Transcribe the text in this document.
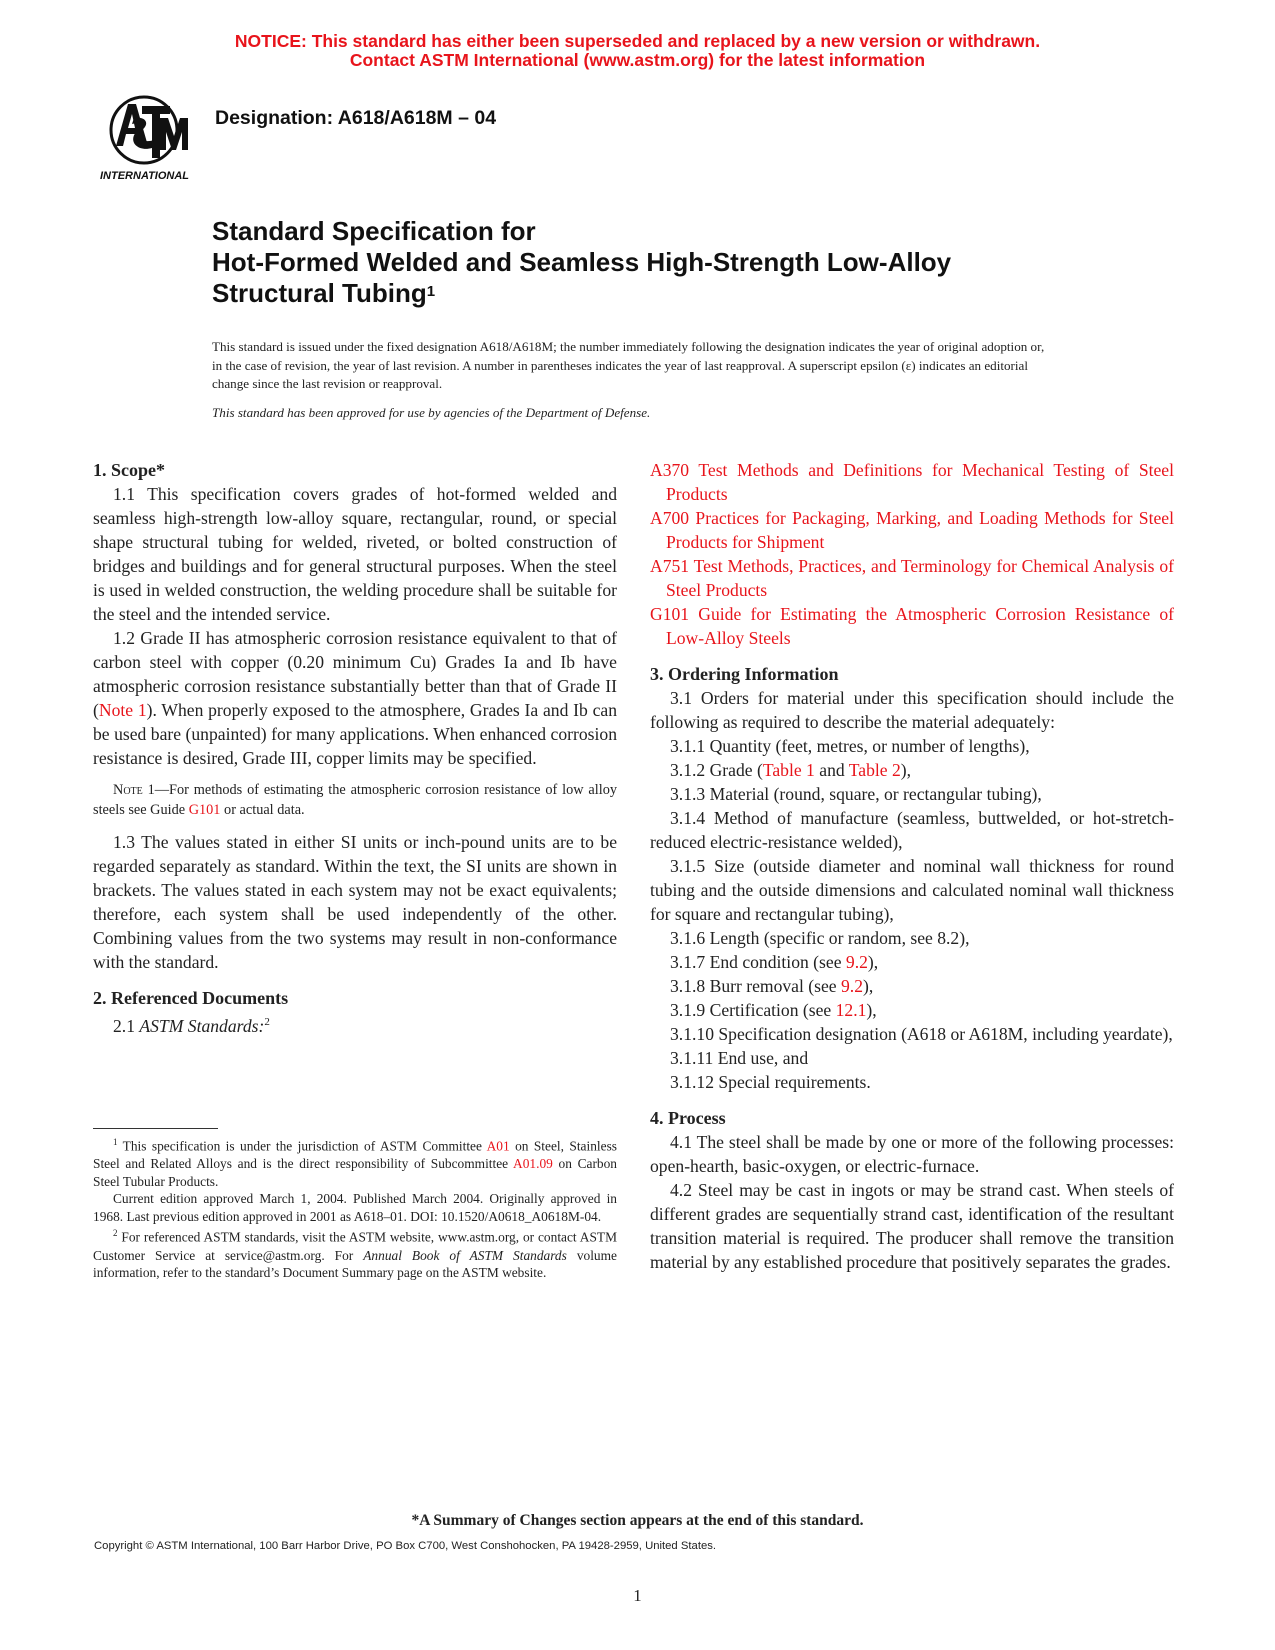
NOTICE: This standard has either been superseded and replaced by a new version or withdrawn.
Contact ASTM International (www.astm.org) for the latest information
INTERNATIONAL
Designation: A618/A618M – 04
Standard Specification for
Hot-Formed Welded and Seamless High-Strength Low-Alloy
Structural Tubing$^1$
This standard is issued under the fixed designation A618/A618M; the number immediately following the designation indicates the year of original adoption or, in the case of revision, the year of last revision. A number in parentheses indicates the year of last reapproval. A superscript epsilon (ε) indicates an editorial change since the last revision or reapproval.
This standard has been approved for use by agencies of the Department of Defense.

1. Scope*

1.1 This specification covers grades of hot-formed welded and seamless high-strength low-alloy square, rectangular, round, or special shape structural tubing for welded, riveted, or bolted construction of bridges and buildings and for general structural purposes. When the steel is used in welded construction, the welding procedure shall be suitable for the steel and the intended service.

1.2 Grade II has atmospheric corrosion resistance equivalent to that of carbon steel with copper (0.20 minimum Cu) Grades Ia and Ib have atmospheric corrosion resistance substantially better than that of Grade II (Note 1). When properly exposed to the atmosphere, Grades Ia and Ib can be used bare (unpainted) for many applications. When enhanced corrosion resistance is desired, Grade III, copper limits may be specified.

Note 1—For methods of estimating the atmospheric corrosion resistance of low alloy steels see Guide G101 or actual data.

1.3 The values stated in either SI units or inch-pound units are to be regarded separately as standard. Within the text, the SI units are shown in brackets. The values stated in each system may not be exact equivalents; therefore, each system shall be used independently of the other. Combining values from the two systems may result in non-conformance with the standard.

2. Referenced Documents

2.1 ASTM Standards:$^2$

$^1$ This specification is under the jurisdiction of ASTM Committee A01 on Steel, Stainless Steel and Related Alloys and is the direct responsibility of Subcommittee A01.09 on Carbon Steel Tubular Products.

Current edition approved March 1, 2004. Published March 2004. Originally approved in 1968. Last previous edition approved in 2001 as A618–01. DOI: 10.1520/A0618_A0618M-04.

$^2$ For referenced ASTM standards, visit the ASTM website, www.astm.org, or contact ASTM Customer Service at service@astm.org. For Annual Book of ASTM Standards volume information, refer to the standard’s Document Summary page on the ASTM website.

A370 Test Methods and Definitions for Mechanical Testing of Steel Products

A700 Practices for Packaging, Marking, and Loading Methods for Steel Products for Shipment

A751 Test Methods, Practices, and Terminology for Chemical Analysis of Steel Products

G101 Guide for Estimating the Atmospheric Corrosion Resistance of Low-Alloy Steels

3. Ordering Information

3.1 Orders for material under this specification should include the following as required to describe the material adequately:

3.1.1 Quantity (feet, metres, or number of lengths),

3.1.2 Grade (Table 1 and Table 2),

3.1.3 Material (round, square, or rectangular tubing),

3.1.4 Method of manufacture (seamless, buttwelded, or hot-stretch-reduced electric-resistance welded),

3.1.5 Size (outside diameter and nominal wall thickness for round tubing and the outside dimensions and calculated nominal wall thickness for square and rectangular tubing),

3.1.6 Length (specific or random, see 8.2),

3.1.7 End condition (see 9.2),

3.1.8 Burr removal (see 9.2),

3.1.9 Certification (see 12.1),

3.1.10 Specification designation (A618 or A618M, including yeardate),

3.1.11 End use, and

3.1.12 Special requirements.

4. Process

4.1 The steel shall be made by one or more of the following processes: open-hearth, basic-oxygen, or electric-furnace.

4.2 Steel may be cast in ingots or may be strand cast. When steels of different grades are sequentially strand cast, identification of the resultant transition material is required. The producer shall remove the transition material by any established procedure that positively separates the grades.

*A Summary of Changes section appears at the end of this standard.
Copyright © ASTM International, 100 Barr Harbor Drive, PO Box C700, West Conshohocken, PA 19428-2959, United States.
1
